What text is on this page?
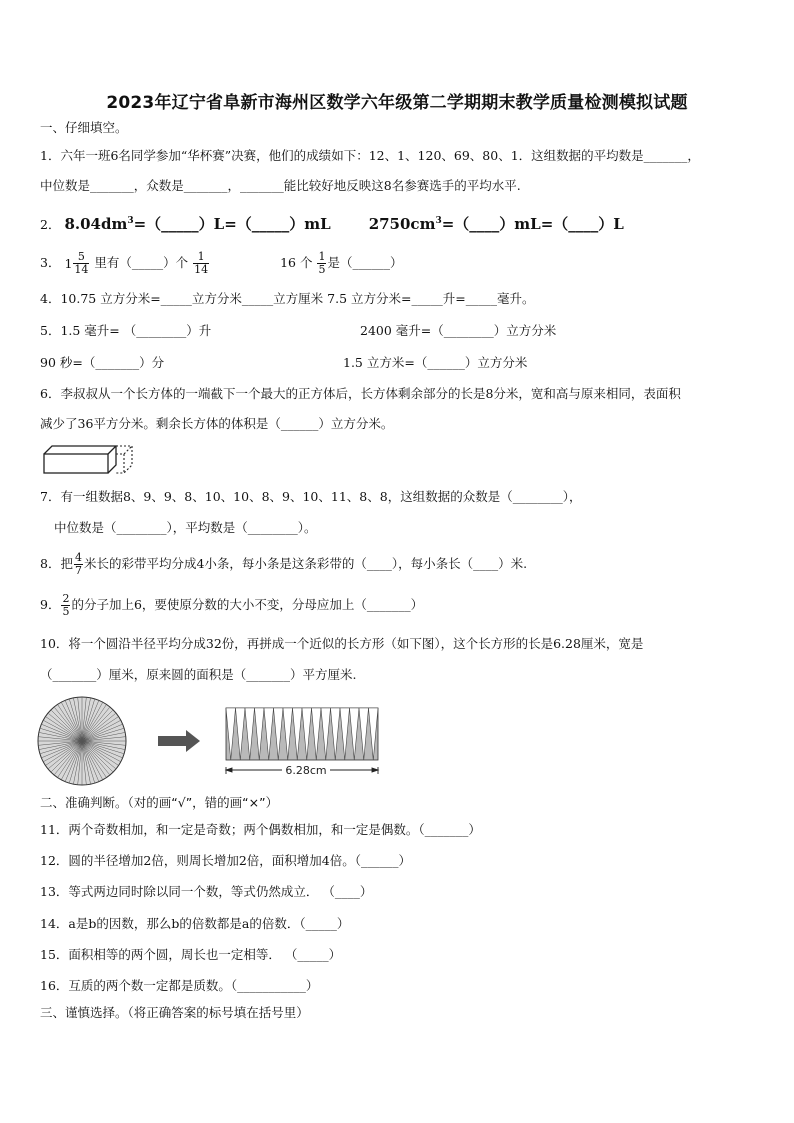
2023年辽宁省阜新市海州区数学六年级第二学期期末教学质量检测模拟试题
一、仔细填空。
1．六年一班6名同学参加“华杯赛”决赛，他们的成绩如下：12、1、120、69、80、1．这组数据的平均数是_______，
中位数是_______，众数是_______，_______能比较好地反映这8名参赛选手的平均水平.
2． $8.04dm^3=(\_\_\_\_\_)L=(\_\_\_\_\_)mL$	$2750cm^3=(\_\_\_\_)mL=(\_\_\_\_)L$
3． $1 \frac{5}{14}$ 里有（_____）个 $\frac{1}{14}$	16 个 $\frac{1}{5}$ 是（______）
4．10.75 立方分米=_____立方分米_____立方厘米 7.5 立方分米=_____升=_____毫升。
5．1.5 毫升= （________）升	2400 毫升=（________）立方分米
90 秒=（_______）分	1.5 立方米=（______）立方分米
6．李叔叔从一个长方体的一端截下一个最大的正方体后，长方体剩余部分的长是8分米，宽和高与原来相同，表面积
减少了36平方分米。剩余长方体的体积是（______）立方分米。
7．有一组数据8、9、9、8、10、10、8、9、10、11、8、8，这组数据的众数是（________），
中位数是（________），平均数是（________）。
8．把 $\frac{4}{7}$ 米长的彩带平均分成4小条，每小条是这条彩带的（____），每小条长（____）米.
9． $\frac{2}{5}$ 的分子加上6，要使原分数的大小不变，分母应加上（_______）
10．将一个圆沿半径平均分成32份，再拼成一个近似的长方形（如下图），这个长方形的长是6.28厘米，宽是
（_______）厘米，原来圆的面积是（_______）平方厘米.
6.28cm
二、准确判断。（对的画“√”，错的画“×”）
11．两个奇数相加，和一定是奇数；两个偶数相加，和一定是偶数。（_______）
12．圆的半径增加2倍，则周长增加2倍，面积增加4倍。（______）
13．等式两边同时除以同一个数，等式仍然成立． （____）
14．a是b的因数，那么b的倍数都是a的倍数．（_____）
15．面积相等的两个圆，周长也一定相等． （_____）
16．互质的两个数一定都是质数。（___________）
三、谨慎选择。（将正确答案的标号填在括号里）
